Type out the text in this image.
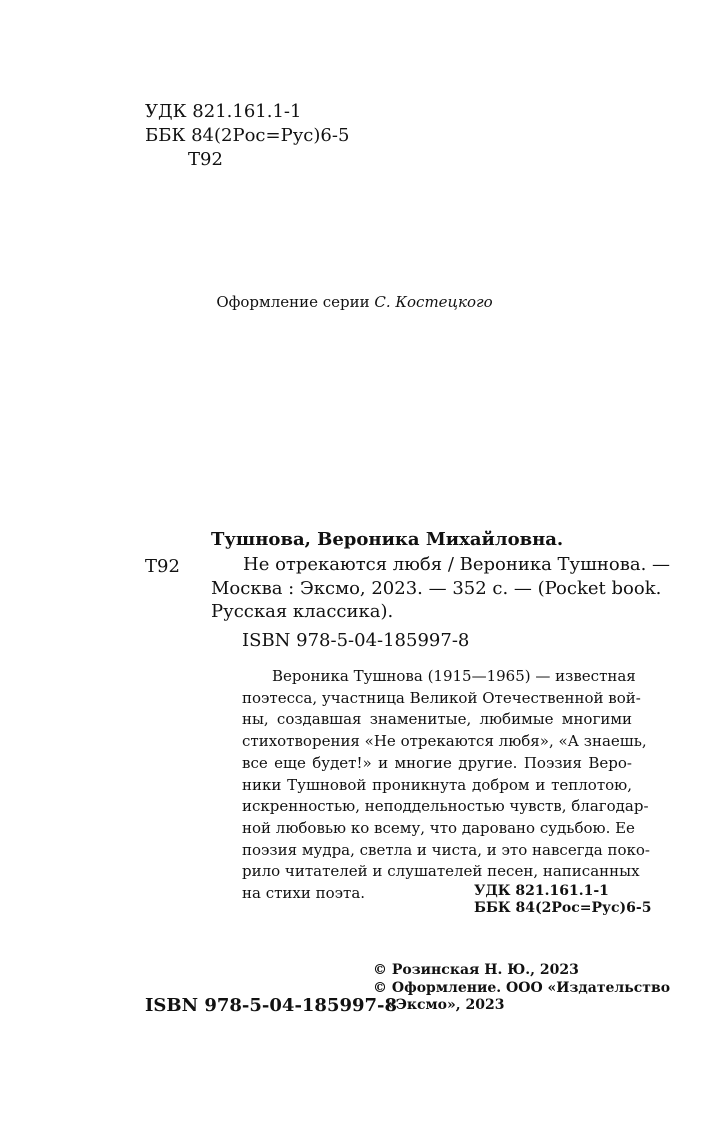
УДК 821.161.1-1
ББК 84(2Рос=Рус)6-5
Т92
Оформление серии С. Костецкого
Тушнова, Вероника Михайловна.
Т92	Не отрекаются любя / Вероника Тушнова. —
Москва : Эксмо, 2023. — 352 с. — (Pocket book.
Русская классика).
ISBN 978-5-04-185997-8
Вероника Тушнова (1915—1965) — известная
поэтесса, участница Великой Отечественной вой-
ны, создавшая знаменитые, любимые многими
стихотворения «Не отрекаются любя», «А знаешь,
все еще будет!» и многие другие. Поэзия Веро-
ники Тушновой проникнута добром и теплотою,
искренностью, неподдельностью чувств, благодар-
ной любовью ко всему, что даровано судьбою. Ее
поэзия мудра, светла и чиста, и это навсегда поко-
рило читателей и слушателей песен, написанных
на стихи поэта.	УДК 821.161.1-1
ББК 84(2Рос=Рус)6-5
© Розинская Н. Ю., 2023
© Оформление. ООО «Издательство
«Эксмо», 2023
ISBN 978-5-04-185997-8
